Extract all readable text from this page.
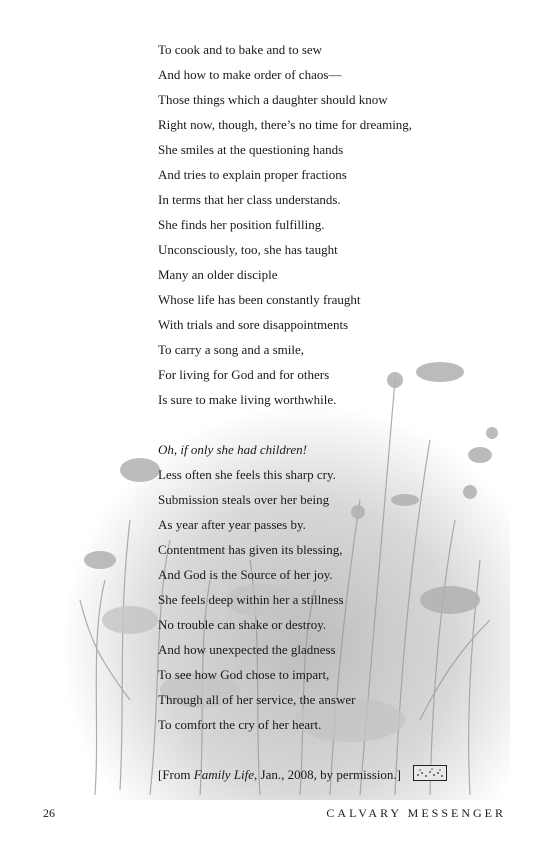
To cook and to bake and to sew
And how to make order of chaos—
Those things which a daughter should know
Right now, though, there’s no time for dreaming,
She smiles at the questioning hands
And tries to explain proper fractions
In terms that her class understands.
She finds her position fulfilling.
Unconsciously, too, she has taught
Many an older disciple
Whose life has been constantly fraught
With trials and sore disappointments
To carry a song and a smile,
For living for God and for others
Is sure to make living worthwhile.
Oh, if only she had children!
Less often she feels this sharp cry.
Submission steals over her being
As year after year passes by.
Contentment has given its blessing,
And God is the Source of her joy.
She feels deep within her a stillness
No trouble can shake or destroy.
And how unexpected the gladness
To see how God chose to impart,
Through all of her service, the answer
To comfort the cry of her heart.
[From Family Life, Jan., 2008, by permission.]
26	CALVARY MESSENGER
